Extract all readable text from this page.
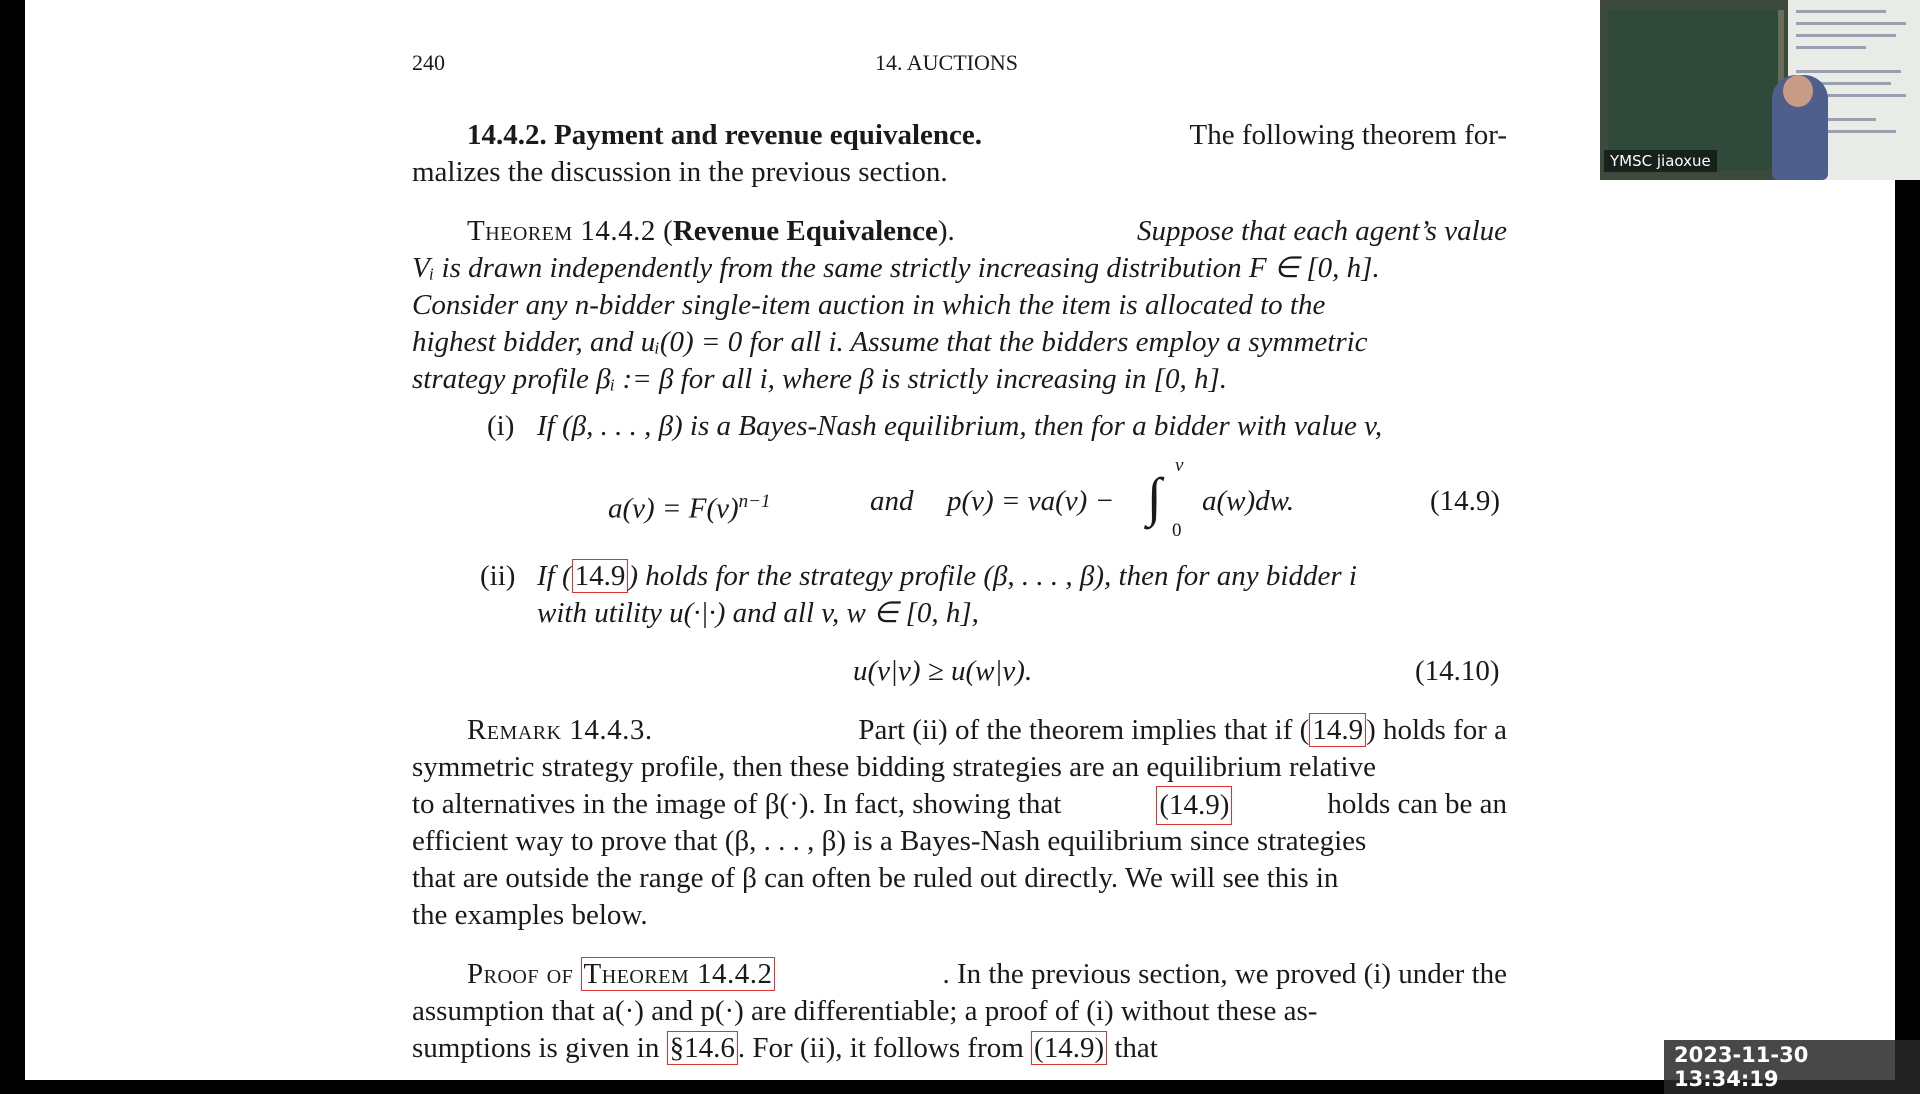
240	14. AUCTIONS
14.4.2. Payment and revenue equivalence.	The following theorem for-
malizes the discussion in the previous section.
Theorem 14.4.2 (Revenue Equivalence).	Suppose that each agent’s value
Vᵢ is drawn independently from the same strictly increasing distribution F ∈ [0, h].
Consider any n-bidder single-item auction in which the item is allocated to the
highest bidder, and uᵢ(0) = 0 for all i. Assume that the bidders employ a symmetric
strategy profile βᵢ := β for all i, where β is strictly increasing in [0, h].
(i) If (β, . . . , β) is a Bayes-Nash equilibrium, then for a bidder with value v,
$a(v) = F(v)^{n-1}$	and p(v) = va(v) − ∫
v
0
a(w)dw.	(14.9)
(ii) If ( 14.9 ) holds for the strategy profile (β, . . . , β), then for any bidder i
with utility u(·|·) and all v, w ∈ [0, h],
u(v|v) ≥ u(w|v).	(14.10)
Remark 14.4.3.	Part (ii) of the theorem implies that if ( 14.9 ) holds for a
symmetric strategy profile, then these bidding strategies are an equilibrium relative
to alternatives in the image of β(·). In fact, showing that	(14.9)	holds can be an
efficient way to prove that (β, . . . , β) is a Bayes-Nash equilibrium since strategies
that are outside the range of β can often be ruled out directly. We will see this in
the examples below.
Proof of Theorem 14.4.2	. In the previous section, we proved (i) under the
assumption that a(·) and p(·) are differentiable; a proof of (i) without these as-
sumptions is given in §14.6 . For (ii), it follows from (14.9) that
YMSC jiaoxue
2023-11-30 13:34:19
